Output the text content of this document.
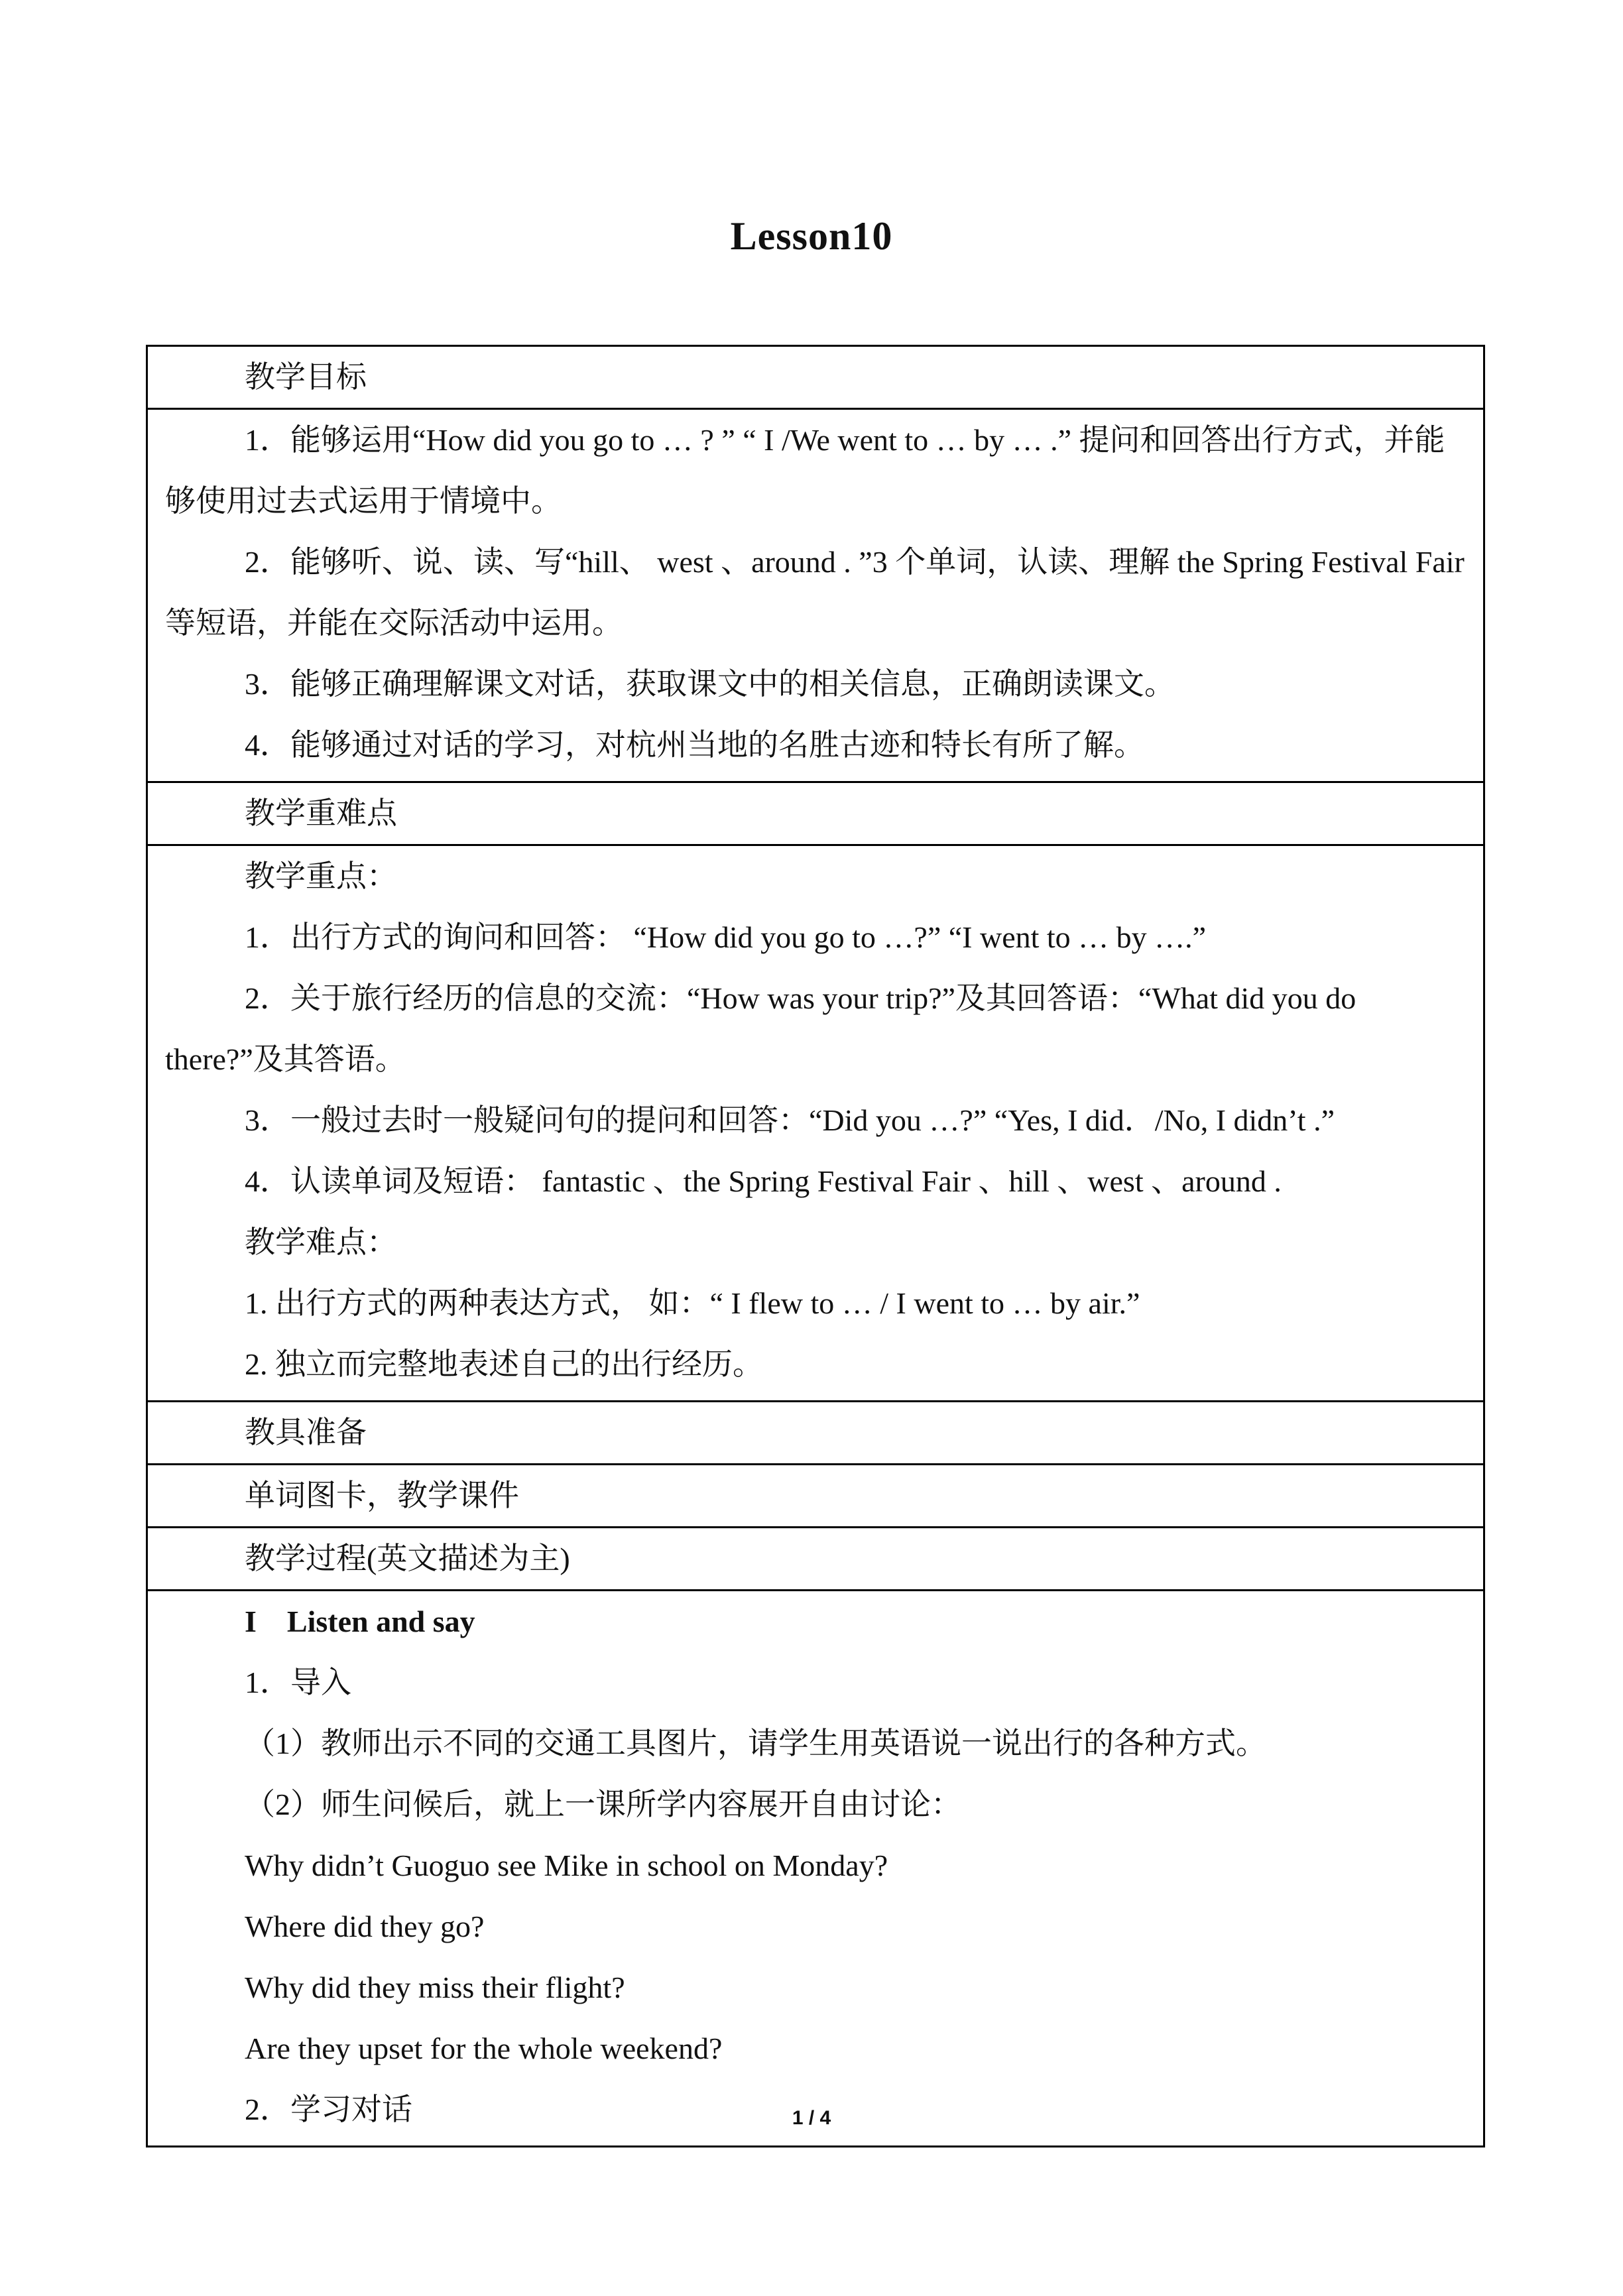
Lesson10
教学目标

1．能够运用“How did you go to … ? ” “ I /We went to … by … .” 提问和回答出行方式，并能够使用过去式运用于情境中。

2．能够听、说、读、写“hill、 west 、around . ”3 个单词，认读、理解 the Spring Festival Fair 等短语，并能在交际活动中运用。

3．能够正确理解课文对话，获取课文中的相关信息，正确朗读课文。

4．能够通过对话的学习，对杭州当地的名胜古迹和特长有所了解。

教学重难点

教学重点：

1．出行方式的询问和回答： “How did you go to …?” “I went to … by ….”

2．关于旅行经历的信息的交流：“How was your trip?”及其回答语：“What did you do there?”及其答语。

3．一般过去时一般疑问句的提问和回答：“Did you …?” “Yes, I did．/No, I didn’t .”

4．认读单词及短语： fantastic 、the Spring Festival Fair 、hill 、west 、around .

教学难点：

1. 出行方式的两种表达方式， 如：“ I flew to … / I went to … by air.”

2. 独立而完整地表述自己的出行经历。

教具准备
单词图卡，教学课件
教学过程(英文描述为主)

I　Listen and say

1．导入

（1）教师出示不同的交通工具图片，请学生用英语说一说出行的各种方式。

（2）师生问候后，就上一课所学内容展开自由讨论：

Why didn’t Guoguo see Mike in school on Monday?

Where did they go?

Why did they miss their flight?

Are they upset for the whole weekend?

2．学习对话	1 / 4
